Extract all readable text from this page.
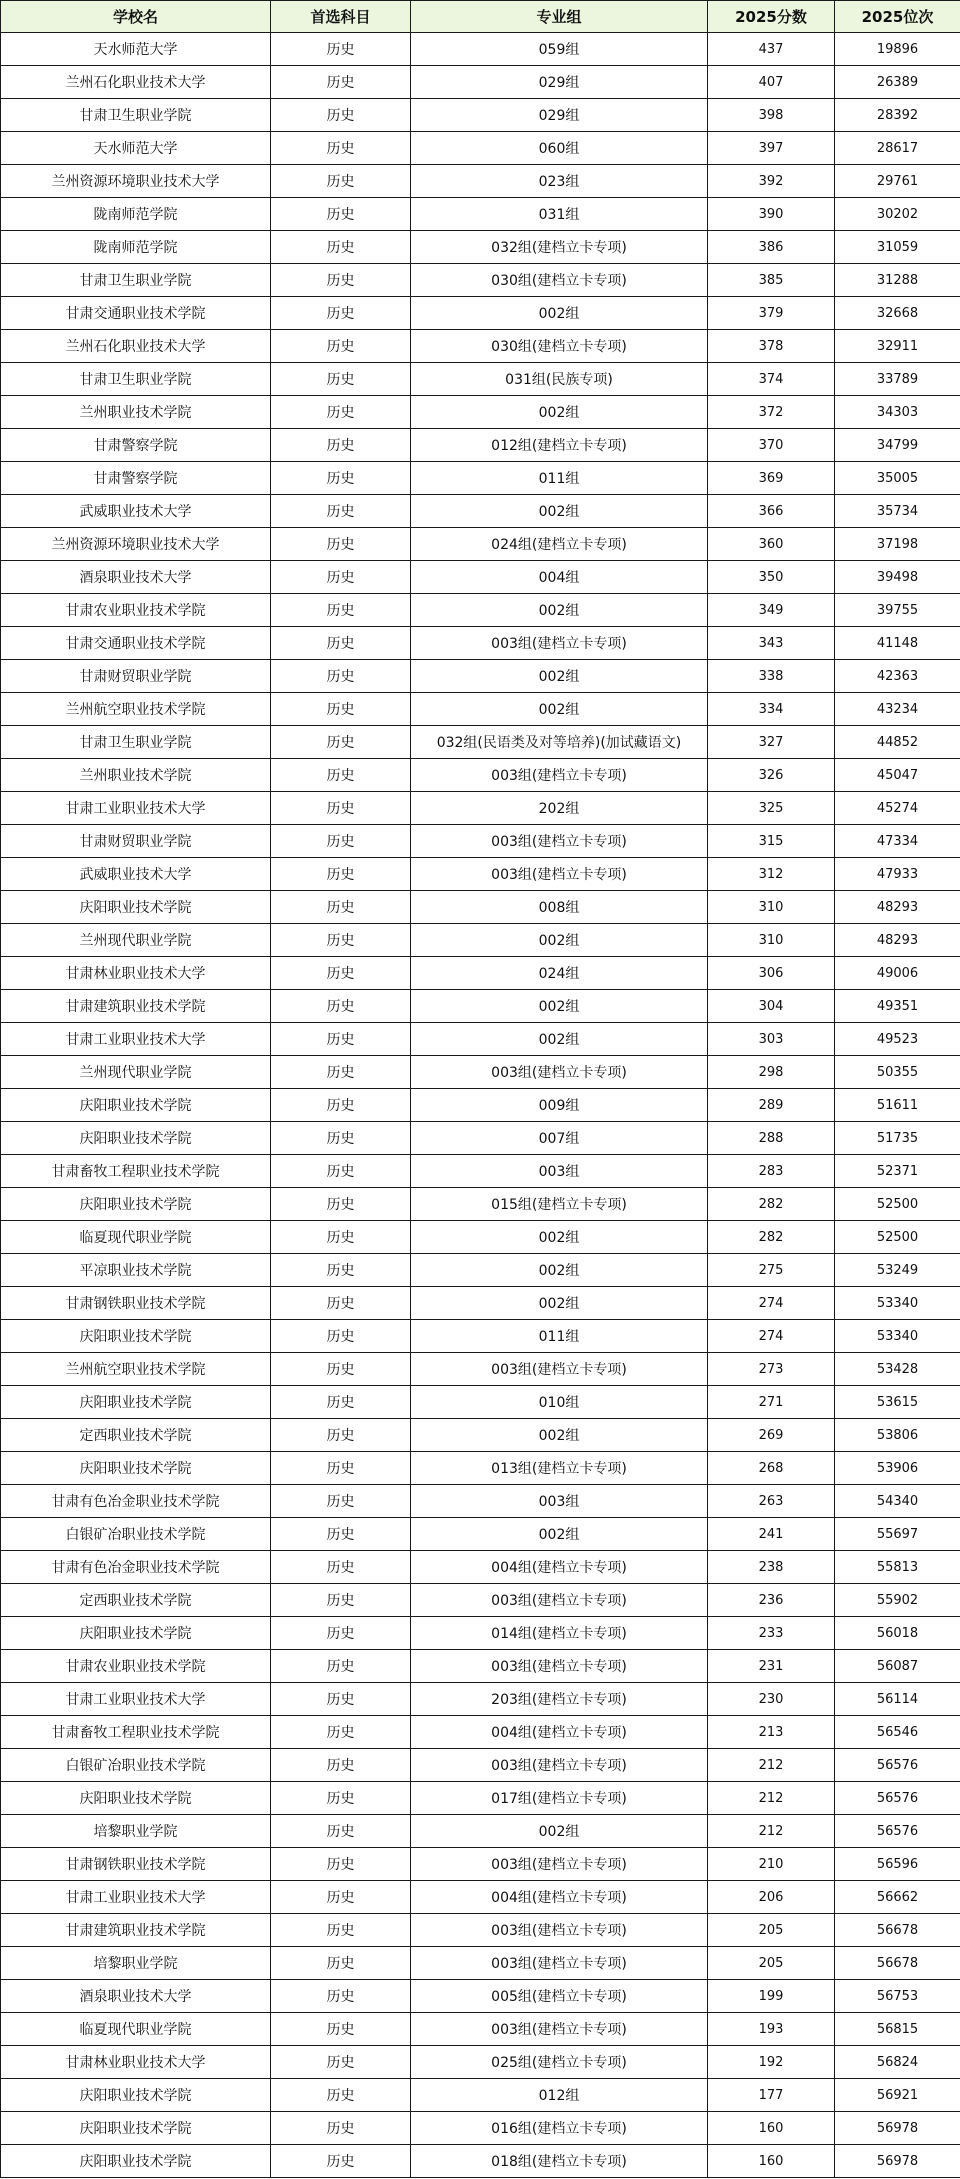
学校名	首选科目	专业组	2025分数	2025位次
天水师范大学	历史	059组	437	19896
兰州石化职业技术大学	历史	029组	407	26389
甘肃卫生职业学院	历史	029组	398	28392
天水师范大学	历史	060组	397	28617
兰州资源环境职业技术大学	历史	023组	392	29761
陇南师范学院	历史	031组	390	30202
陇南师范学院	历史	032组(建档立卡专项)	386	31059
甘肃卫生职业学院	历史	030组(建档立卡专项)	385	31288
甘肃交通职业技术学院	历史	002组	379	32668
兰州石化职业技术大学	历史	030组(建档立卡专项)	378	32911
甘肃卫生职业学院	历史	031组(民族专项)	374	33789
兰州职业技术学院	历史	002组	372	34303
甘肃警察学院	历史	012组(建档立卡专项)	370	34799
甘肃警察学院	历史	011组	369	35005
武威职业技术大学	历史	002组	366	35734
兰州资源环境职业技术大学	历史	024组(建档立卡专项)	360	37198
酒泉职业技术大学	历史	004组	350	39498
甘肃农业职业技术学院	历史	002组	349	39755
甘肃交通职业技术学院	历史	003组(建档立卡专项)	343	41148
甘肃财贸职业学院	历史	002组	338	42363
兰州航空职业技术学院	历史	002组	334	43234
甘肃卫生职业学院	历史	032组(民语类及对等培养)(加试藏语文)	327	44852
兰州职业技术学院	历史	003组(建档立卡专项)	326	45047
甘肃工业职业技术大学	历史	202组	325	45274
甘肃财贸职业学院	历史	003组(建档立卡专项)	315	47334
武威职业技术大学	历史	003组(建档立卡专项)	312	47933
庆阳职业技术学院	历史	008组	310	48293
兰州现代职业学院	历史	002组	310	48293
甘肃林业职业技术大学	历史	024组	306	49006
甘肃建筑职业技术学院	历史	002组	304	49351
甘肃工业职业技术大学	历史	002组	303	49523
兰州现代职业学院	历史	003组(建档立卡专项)	298	50355
庆阳职业技术学院	历史	009组	289	51611
庆阳职业技术学院	历史	007组	288	51735
甘肃畜牧工程职业技术学院	历史	003组	283	52371
庆阳职业技术学院	历史	015组(建档立卡专项)	282	52500
临夏现代职业学院	历史	002组	282	52500
平凉职业技术学院	历史	002组	275	53249
甘肃钢铁职业技术学院	历史	002组	274	53340
庆阳职业技术学院	历史	011组	274	53340
兰州航空职业技术学院	历史	003组(建档立卡专项)	273	53428
庆阳职业技术学院	历史	010组	271	53615
定西职业技术学院	历史	002组	269	53806
庆阳职业技术学院	历史	013组(建档立卡专项)	268	53906
甘肃有色冶金职业技术学院	历史	003组	263	54340
白银矿冶职业技术学院	历史	002组	241	55697
甘肃有色冶金职业技术学院	历史	004组(建档立卡专项)	238	55813
定西职业技术学院	历史	003组(建档立卡专项)	236	55902
庆阳职业技术学院	历史	014组(建档立卡专项)	233	56018
甘肃农业职业技术学院	历史	003组(建档立卡专项)	231	56087
甘肃工业职业技术大学	历史	203组(建档立卡专项)	230	56114
甘肃畜牧工程职业技术学院	历史	004组(建档立卡专项)	213	56546
白银矿冶职业技术学院	历史	003组(建档立卡专项)	212	56576
庆阳职业技术学院	历史	017组(建档立卡专项)	212	56576
培黎职业学院	历史	002组	212	56576
甘肃钢铁职业技术学院	历史	003组(建档立卡专项)	210	56596
甘肃工业职业技术大学	历史	004组(建档立卡专项)	206	56662
甘肃建筑职业技术学院	历史	003组(建档立卡专项)	205	56678
培黎职业学院	历史	003组(建档立卡专项)	205	56678
酒泉职业技术大学	历史	005组(建档立卡专项)	199	56753
临夏现代职业学院	历史	003组(建档立卡专项)	193	56815
甘肃林业职业技术大学	历史	025组(建档立卡专项)	192	56824
庆阳职业技术学院	历史	012组	177	56921
庆阳职业技术学院	历史	016组(建档立卡专项)	160	56978
庆阳职业技术学院	历史	018组(建档立卡专项)	160	56978
